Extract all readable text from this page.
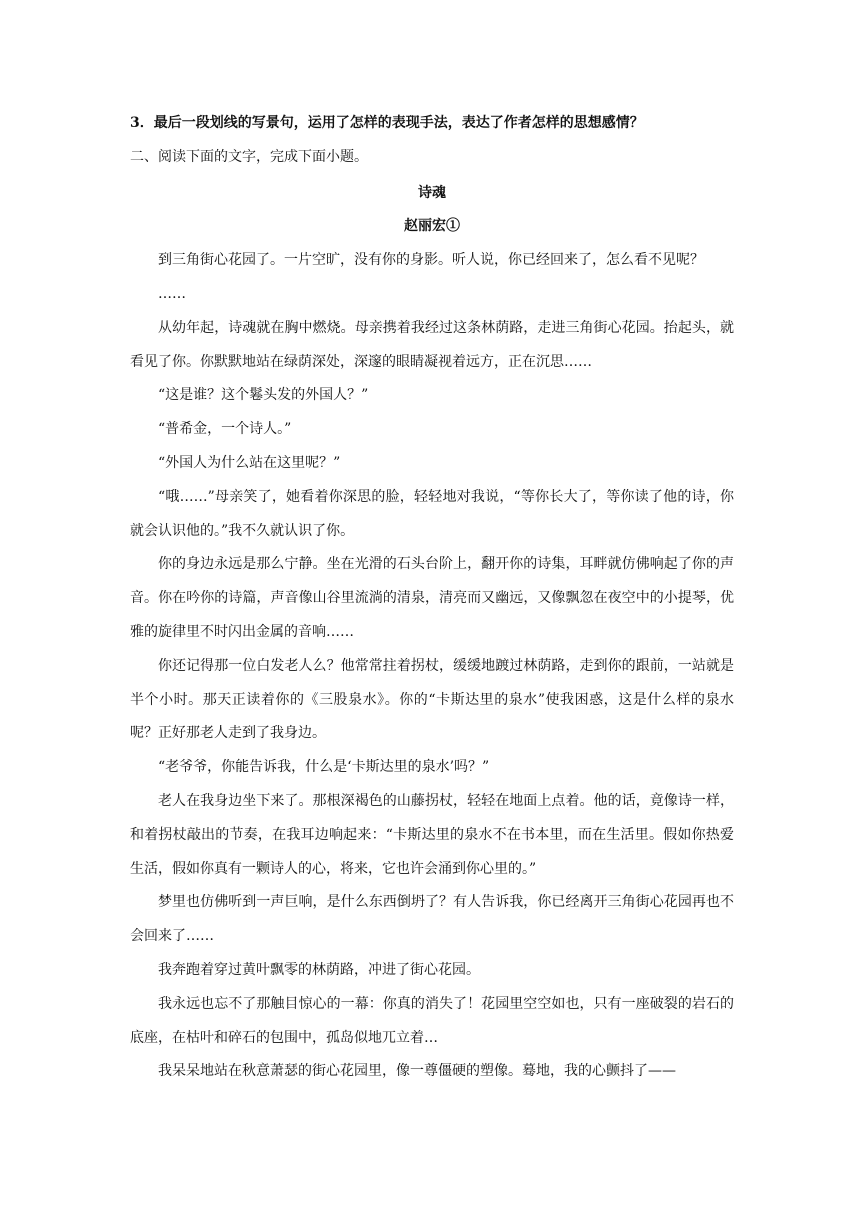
3．最后一段划线的写景句，运用了怎样的表现手法，表达了作者怎样的思想感情？

二、阅读下面的文字，完成下面小题。

诗魂

赵丽宏①

到三角街心花园了。一片空旷，没有你的身影。听人说，你已经回来了，怎么看不见呢？

……

从幼年起，诗魂就在胸中燃烧。母亲携着我经过这条林荫路，走进三角街心花园。抬起头，就看见了你。你默默地站在绿荫深处，深邃的眼睛凝视着远方，正在沉思……

“这是谁？这个鬈头发的外国人？”

“普希金，一个诗人。”

“外国人为什么站在这里呢？”

“哦……”母亲笑了，她看着你深思的脸，轻轻地对我说，“等你长大了，等你读了他的诗，你就会认识他的。”我不久就认识了你。

你的身边永远是那么宁静。坐在光滑的石头台阶上，翻开你的诗集，耳畔就仿佛响起了你的声音。你在吟你的诗篇，声音像山谷里流淌的清泉，清亮而又幽远，又像飘忽在夜空中的小提琴，优雅的旋律里不时闪出金属的音响……

你还记得那一位白发老人么？他常常拄着拐杖，缓缓地踱过林荫路，走到你的跟前，一站就是半个小时。那天正读着你的《三股泉水》。你的“卡斯达里的泉水”使我困惑，这是什么样的泉水呢？正好那老人走到了我身边。

“老爷爷，你能告诉我，什么是‘卡斯达里的泉水’吗？”

老人在我身边坐下来了。那根深褐色的山藤拐杖，轻轻在地面上点着。他的话，竟像诗一样，和着拐杖敲出的节奏，在我耳边响起来：“卡斯达里的泉水不在书本里，而在生活里。假如你热爱生活，假如你真有一颗诗人的心，将来，它也许会涌到你心里的。”

梦里也仿佛听到一声巨响，是什么东西倒坍了？有人告诉我，你已经离开三角街心花园再也不会回来了……

我奔跑着穿过黄叶飘零的林荫路，冲进了街心花园。

我永远也忘不了那触目惊心的一幕：你真的消失了！花园里空空如也，只有一座破裂的岩石的底座，在枯叶和碎石的包围中，孤岛似地兀立着…

我呆呆地站在秋意萧瑟的街心花园里，像一尊僵硬的塑像。蓦地，我的心颤抖了——
